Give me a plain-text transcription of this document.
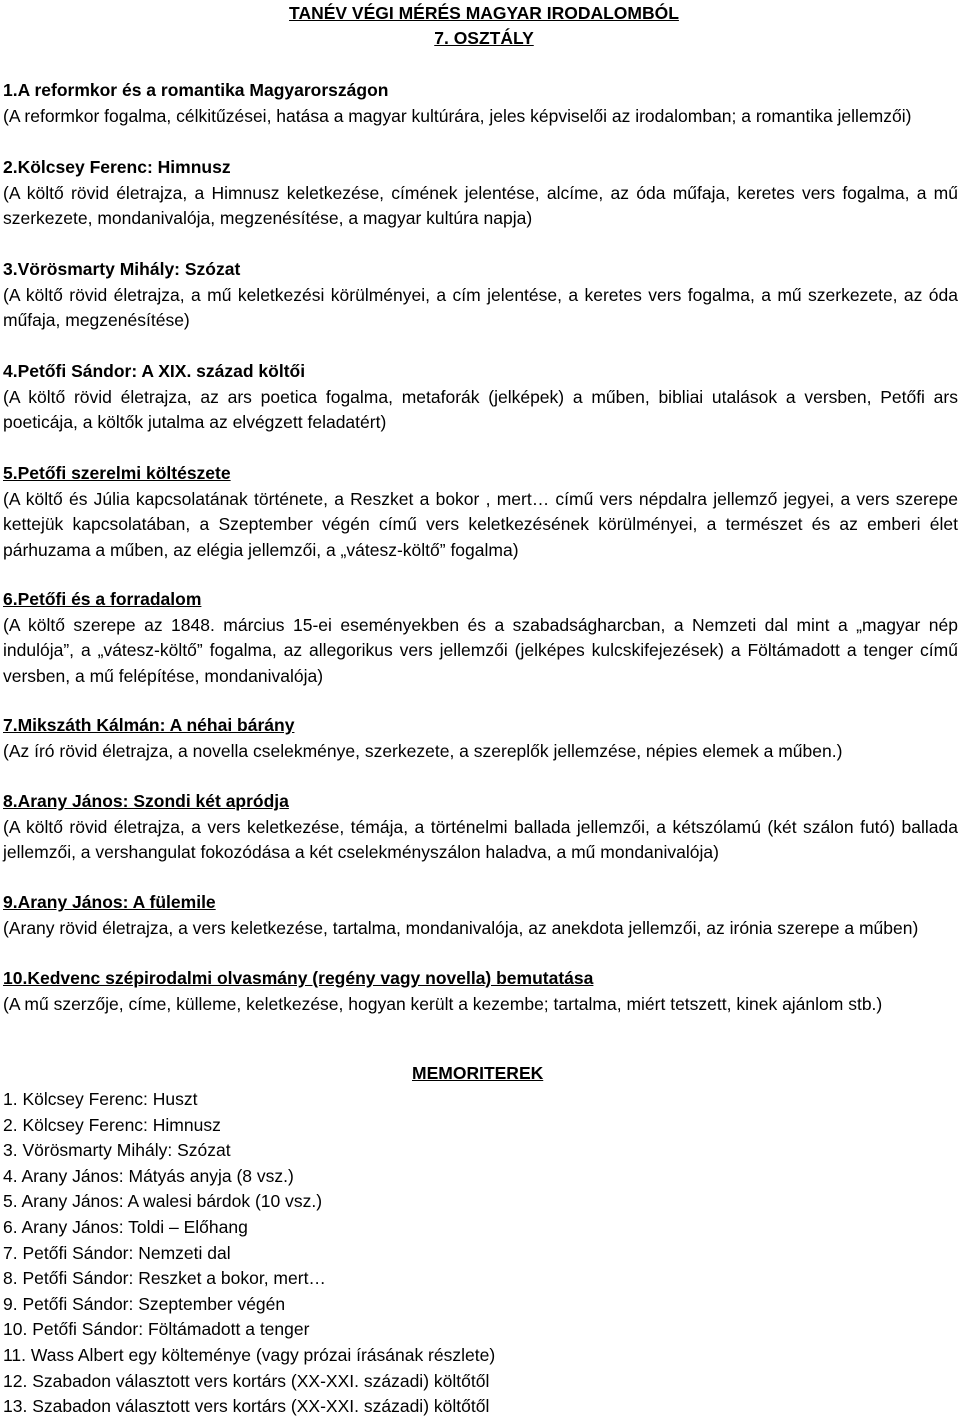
TANÉV VÉGI MÉRÉS MAGYAR IRODALOMBÓL
7. OSZTÁLY
1.A reformkor és a romantika Magyarországon
(A reformkor fogalma, célkitűzései, hatása a magyar kultúrára, jeles képviselői az irodalomban; a romantika jellemzői)
2.Kölcsey Ferenc: Himnusz
(A költő rövid életrajza, a Himnusz keletkezése, címének jelentése, alcíme, az óda műfaja, keretes vers fogalma, a mű szerkezete, mondanivalója, megzenésítése, a magyar kultúra napja)
3.Vörösmarty Mihály: Szózat
(A költő rövid életrajza, a mű keletkezési körülményei, a cím jelentése, a keretes vers fogalma, a mű szerkezete, az óda műfaja, megzenésítése)
4.Petőfi Sándor: A XIX. század költői
(A költő rövid életrajza, az ars poetica fogalma, metaforák (jelképek) a műben, bibliai utalások a versben, Petőfi ars poeticája, a költők jutalma az elvégzett feladatért)
5.Petőfi szerelmi költészete
(A költő és Júlia kapcsolatának története, a Reszket a bokor , mert… című vers népdalra jellemző jegyei, a vers szerepe kettejük kapcsolatában, a Szeptember végén című vers keletkezésének körülményei, a természet és az emberi élet párhuzama a műben, az elégia jellemzői, a „vátesz-költő” fogalma)
6.Petőfi és a forradalom
(A költő szerepe az 1848. március 15-ei eseményekben és a szabadságharcban, a Nemzeti dal mint a „magyar nép indulója”, a „vátesz-költő” fogalma, az allegorikus vers jellemzői (jelképes kulcskifejezések) a Föltámadott a tenger című versben, a mű felépítése, mondanivalója)
7.Mikszáth Kálmán: A néhai bárány
(Az író rövid életrajza, a novella cselekménye, szerkezete, a szereplők jellemzése, népies elemek a műben.)
8.Arany János: Szondi két apródja
(A költő rövid életrajza, a vers keletkezése, témája, a történelmi ballada jellemzői, a kétszólamú (két szálon futó) ballada jellemzői, a vershangulat fokozódása a két cselekményszálon haladva, a mű mondanivalója)
9.Arany János: A fülemile
(Arany rövid életrajza, a vers keletkezése, tartalma, mondanivalója, az anekdota jellemzői, az irónia szerepe a műben)
10.Kedvenc szépirodalmi olvasmány (regény vagy novella) bemutatása
(A mű szerzője, címe, külleme, keletkezése, hogyan került a kezembe; tartalma, miért tetszett, kinek ajánlom stb.)
MEMORITEREK
1. Kölcsey Ferenc: Huszt
2. Kölcsey Ferenc: Himnusz
3. Vörösmarty Mihály: Szózat
4. Arany János: Mátyás anyja (8 vsz.)
5. Arany János: A walesi bárdok (10 vsz.)
6. Arany János: Toldi – Előhang
7. Petőfi Sándor: Nemzeti dal
8. Petőfi Sándor: Reszket a bokor, mert…
9. Petőfi Sándor: Szeptember végén
10. Petőfi Sándor: Föltámadott a tenger
11. Wass Albert egy költeménye (vagy prózai írásának részlete)
12. Szabadon választott vers kortárs (XX-XXI. századi) költőtől
13. Szabadon választott vers kortárs (XX-XXI. századi) költőtől
